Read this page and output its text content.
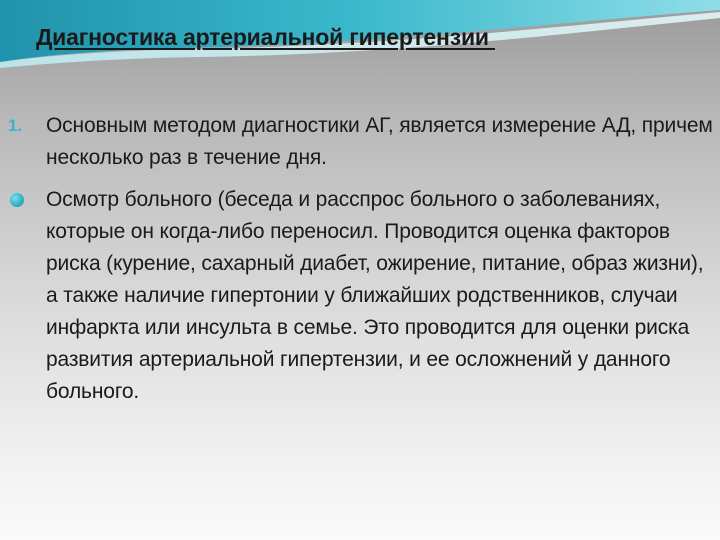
Диагностика артериальной гипертензии
1. Основным методом диагностики АГ, является измерение АД, причем несколько раз в течение дня.
Осмотр больного (беседа и расспрос больного о заболеваниях, которые он когда-либо переносил. Проводится оценка факторов риска (курение, сахарный диабет, ожирение, питание, образ жизни), а также наличие гипертонии у ближайших родственников, случаи инфаркта или инсульта в семье. Это проводится для оценки риска развития артериальной гипертензии, и ее осложнений у данного больного.
